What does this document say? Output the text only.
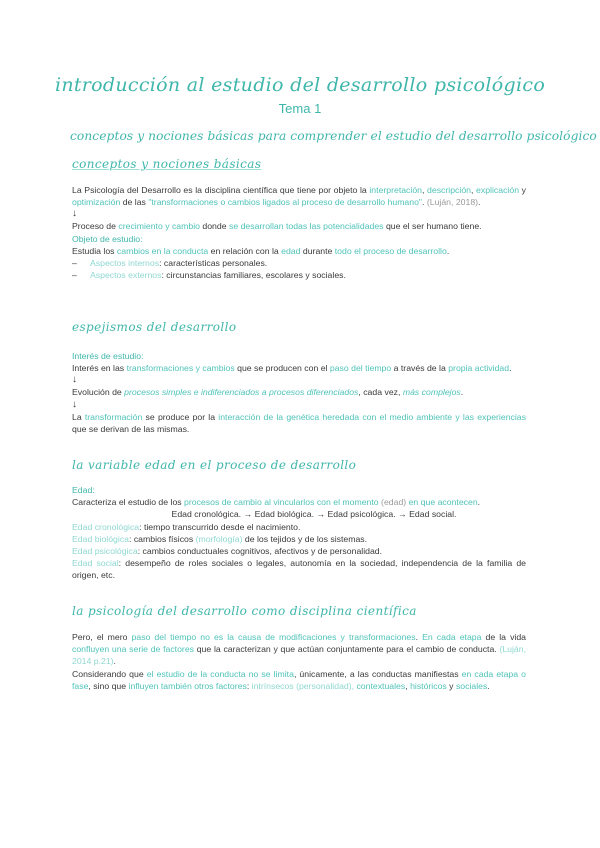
introducción al estudio del desarrollo psicológico
Tema 1
conceptos y nociones básicas para comprender el estudio del desarrollo psicológico
conceptos y nociones básicas

La Psicología del Desarrollo es la disciplina científica que tiene por objeto la interpretación, descripción, explicación y optimización de las "transformaciones o cambios ligados al proceso de desarrollo humano". (Luján, 2018).

↓

Proceso de crecimiento y cambio donde se desarrollan todas las potencialidades que el ser humano tiene.

Objeto de estudio:

Estudia los cambios en la conducta en relación con la edad durante todo el proceso de desarrollo.

– Aspectos internos: características personales.

– Aspectos externos: circunstancias familiares, escolares y sociales.

espejismos del desarrollo

Interés de estudio:

Interés en las transformaciones y cambios que se producen con el paso del tiempo a través de la propia actividad.

↓

Evolución de procesos simples e indiferenciados a procesos diferenciados, cada vez, más complejos.

↓

La transformación se produce por la interacción de la genética heredada con el medio ambiente y las experiencias que se derivan de las mismas.

la variable edad en el proceso de desarrollo

Edad:

Caracteriza el estudio de los procesos de cambio al vincularlos con el momento (edad) en que acontecen.

Edad cronológica. → Edad biológica. → Edad psicológica. → Edad social.

Edad cronológica: tiempo transcurrido desde el nacimiento.

Edad biológica: cambios físicos (morfología) de los tejidos y de los sistemas.

Edad psicológica: cambios conductuales cognitivos, afectivos y de personalidad.

Edad social: desempeño de roles sociales o legales, autonomía en la sociedad, independencia de la familia de origen, etc.

la psicología del desarrollo como disciplina científica

Pero, el mero paso del tiempo no es la causa de modificaciones y transformaciones. En cada etapa de la vida confluyen una serie de factores que la caracterizan y que actúan conjuntamente para el cambio de conducta. (Luján, 2014 p.21).

Considerando que el estudio de la conducta no se limita, únicamente, a las conductas manifiestas en cada etapa o fase, sino que influyen también otros factores: intrínsecos (personalidad), contextuales, históricos y sociales.
